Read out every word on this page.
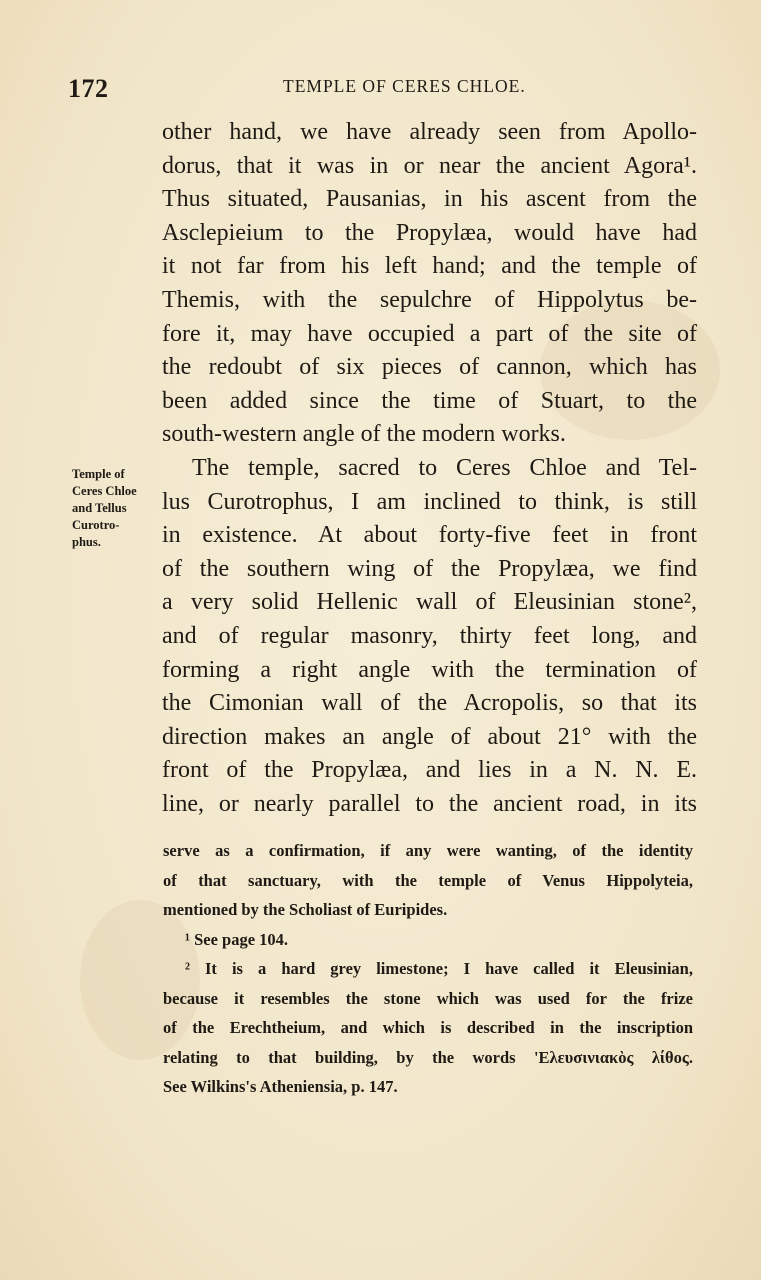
172	TEMPLE OF CERES CHLOE.
Temple of
Ceres Chloe
and Tellus
Curotro-
phus.
other hand, we have already seen from Apollo-
dorus, that it was in or near the ancient Agora¹.
Thus situated, Pausanias, in his ascent from the
Asclepieium to the Propylæa, would have had
it not far from his left hand; and the temple of
Themis, with the sepulchre of Hippolytus be-
fore it, may have occupied a part of the site of
the redoubt of six pieces of cannon, which has
been added since the time of Stuart, to the
south-western angle of the modern works.
The temple, sacred to Ceres Chloe and Tel-
lus Curotrophus, I am inclined to think, is still
in existence. At about forty-five feet in front
of the southern wing of the Propylæa, we find
a very solid Hellenic wall of Eleusinian stone²,
and of regular masonry, thirty feet long, and
forming a right angle with the termination of
the Cimonian wall of the Acropolis, so that its
direction makes an angle of about 21° with the
front of the Propylæa, and lies in a N. N. E.
line, or nearly parallel to the ancient road, in its
serve as a confirmation, if any were wanting, of the identity
of that sanctuary, with the temple of Venus Hippolyteia,
mentioned by the Scholiast of Euripides.
¹ See page 104.
² It is a hard grey limestone; I have called it Eleusinian,
because it resembles the stone which was used for the frize
of the Erechtheium, and which is described in the inscription
relating to that building, by the words 'Ελευσινιακὸς λίθος.
See Wilkins's Atheniensia, p. 147.
